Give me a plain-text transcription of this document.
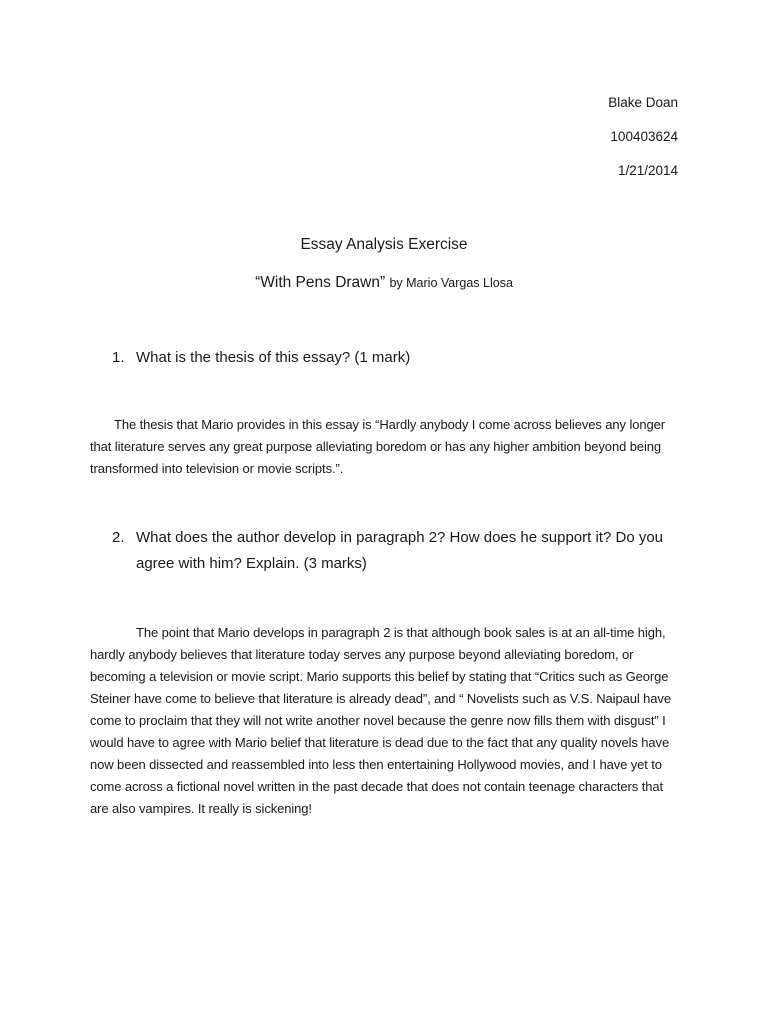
Blake Doan
100403624
1/21/2014
Essay Analysis Exercise
“With Pens Drawn” by Mario Vargas Llosa
1. What is the thesis of this essay? (1 mark)

The thesis that Mario provides in this essay is “Hardly anybody I come across believes any longer that literature serves any great purpose alleviating boredom or has any higher ambition beyond being transformed into television or movie scripts.”.

2. What does the author develop in paragraph 2? How does he support it? Do you agree with him? Explain. (3 marks)

The point that Mario develops in paragraph 2 is that although book sales is at an all-time high, hardly anybody believes that literature today serves any purpose beyond alleviating boredom, or becoming a television or movie script. Mario supports this belief by stating that “Critics such as George Steiner have come to believe that literature is already dead”, and “ Novelists such as V.S. Naipaul have come to proclaim that they will not write another novel because the genre now fills them with disgust” I would have to agree with Mario belief that literature is dead due to the fact that any quality novels have now been dissected and reassembled into less then entertaining Hollywood movies, and I have yet to come across a fictional novel written in the past decade that does not contain teenage characters that are also vampires. It really is sickening!
